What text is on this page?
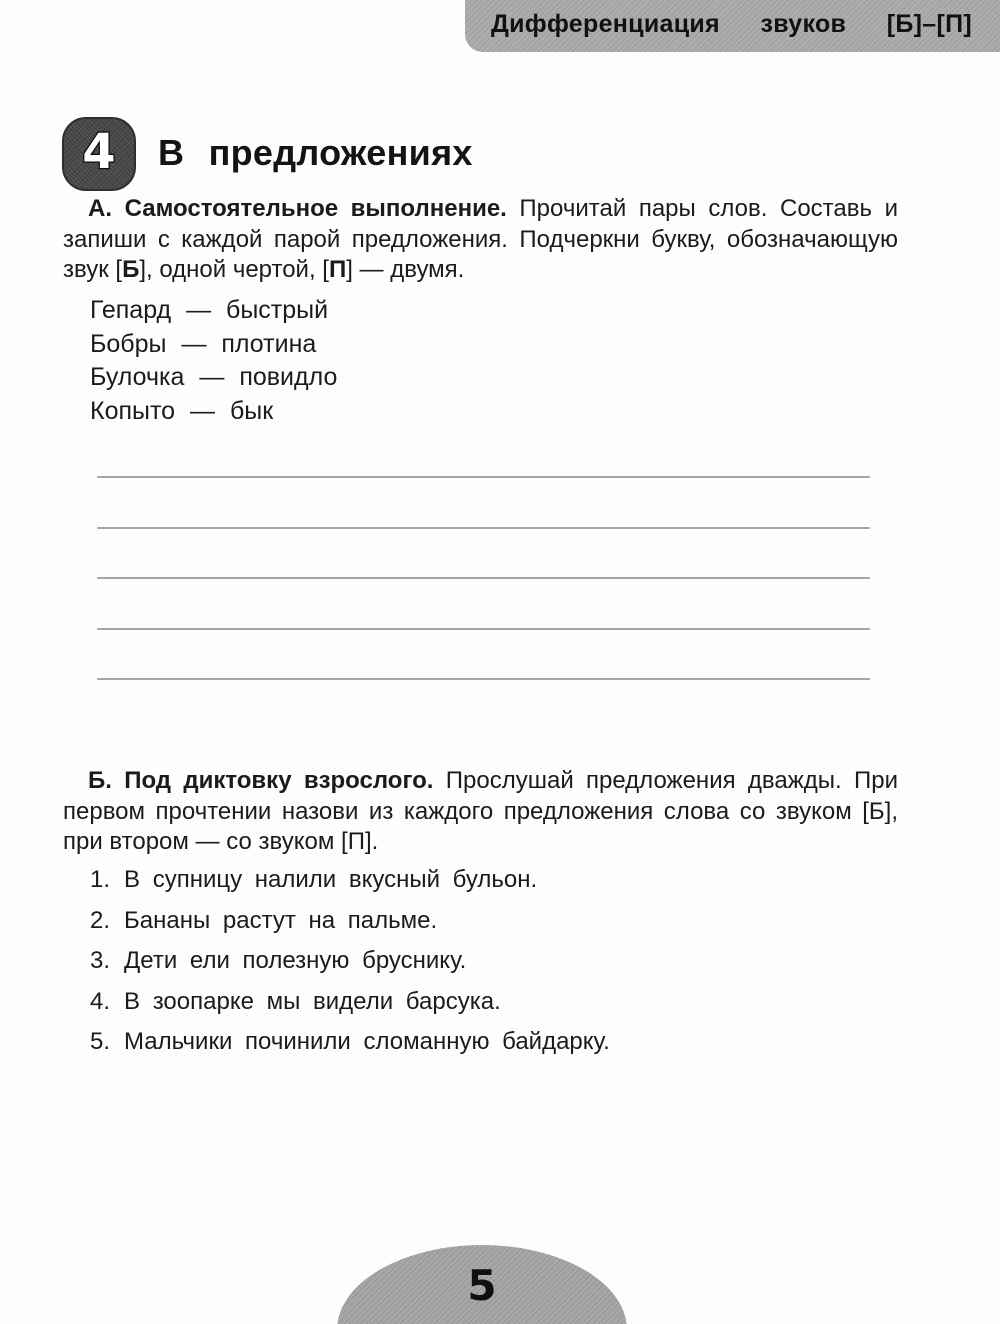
Дифференциация звуков [Б]–[П]
4 В предложениях
А. Самостоятельное выполнение. Прочитай пары слов. Составь и
запиши с каждой парой предложения. Подчеркни букву, обозначающую
звук [Б], одной чертой, [П] — двумя.
Гепард — быстрый
Бобры — плотина
Булочка — повидло
Копыто — бык
Б. Под диктовку взрослого. Прослушай предложения дважды. При
первом прочтении назови из каждого предложения слова со звуком [Б],
при втором — со звуком [П].
1. В супницу налили вкусный бульон.
2. Бананы растут на пальме.
3. Дети ели полезную бруснику.
4. В зоопарке мы видели барсука.
5. Мальчики починили сломанную байдарку.
5
